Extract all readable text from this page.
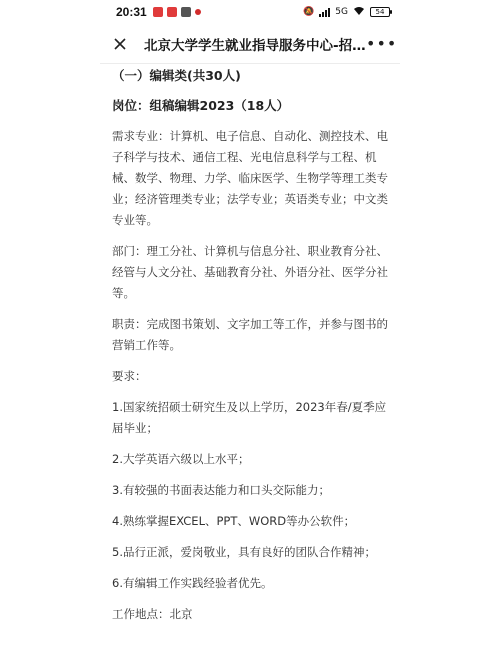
20:31	🔕 5G	54
北京大学学生就业指导服务中心-招… •••
（一）编辑类(共30人)
岗位：组稿编辑2023（18人）
需求专业：计算机、电子信息、自动化、测控技术、电子科学与技术、通信工程、光电信息科学与工程、机械、数学、物理、力学、临床医学、生物学等理工类专业；经济管理类专业；法学专业；英语类专业；中文类专业等。
部门：理工分社、计算机与信息分社、职业教育分社、经管与人文分社、基础教育分社、外语分社、医学分社等。
职责：完成图书策划、文字加工等工作，并参与图书的营销工作等。
要求：
1.国家统招硕士研究生及以上学历，2023年春/夏季应届毕业；
2.大学英语六级以上水平；
3.有较强的书面表达能力和口头交际能力；
4.熟练掌握EXCEL、PPT、WORD等办公软件；
5.品行正派，爱岗敬业，具有良好的团队合作精神；
6.有编辑工作实践经验者优先。
工作地点：北京
